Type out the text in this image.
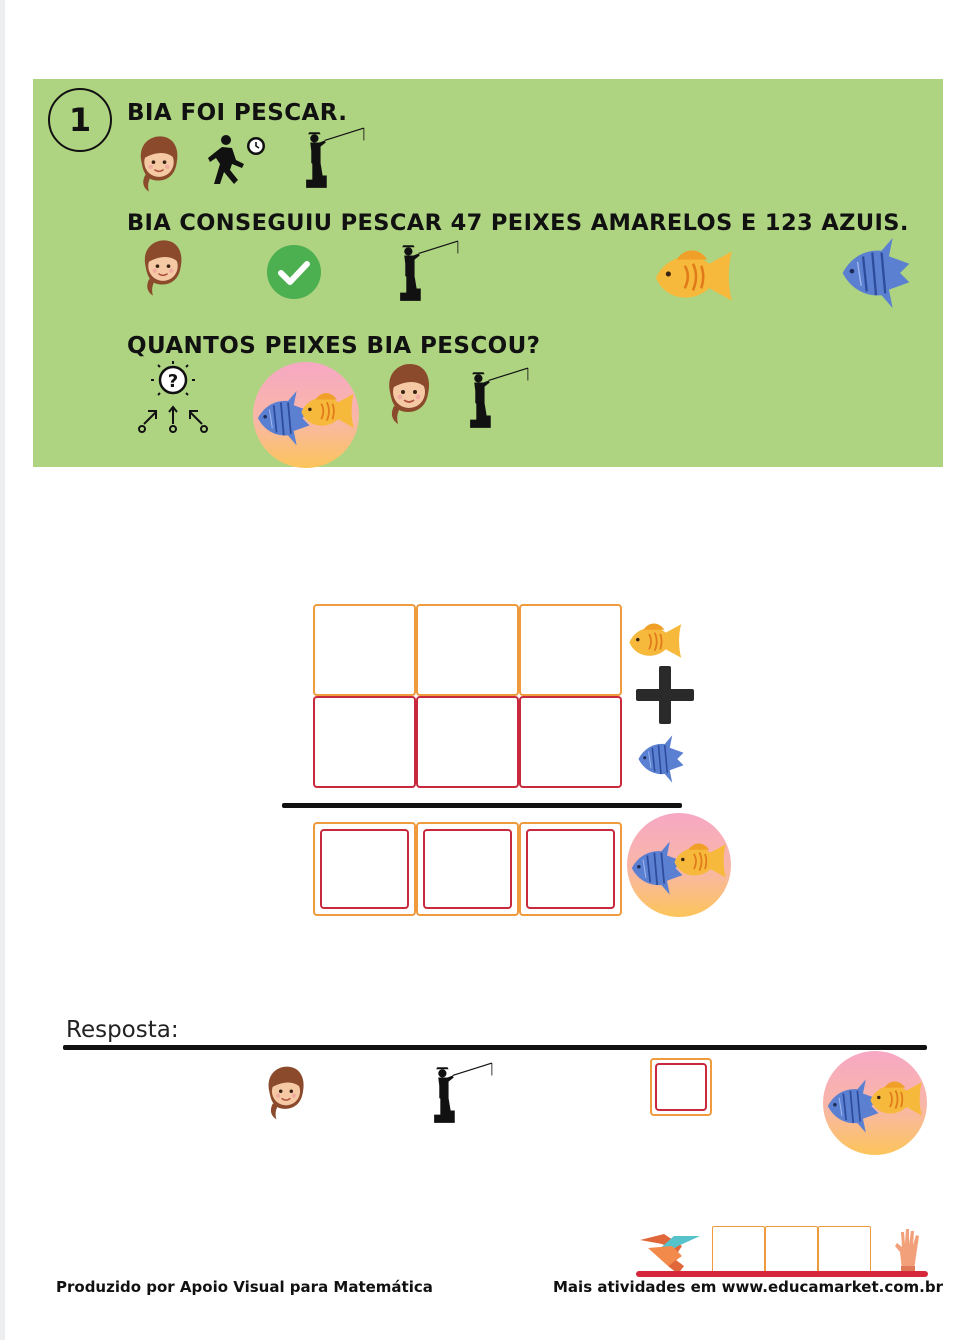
1	BIA FOI PESCAR.
BIA CONSEGUIU PESCAR 47 PEIXES AMARELOS E 123 AZUIS.
QUANTOS PEIXES BIA PESCOU?
?
Resposta:
Produzido por Apoio Visual para Matemática	Mais atividades em www.educamarket.com.br
